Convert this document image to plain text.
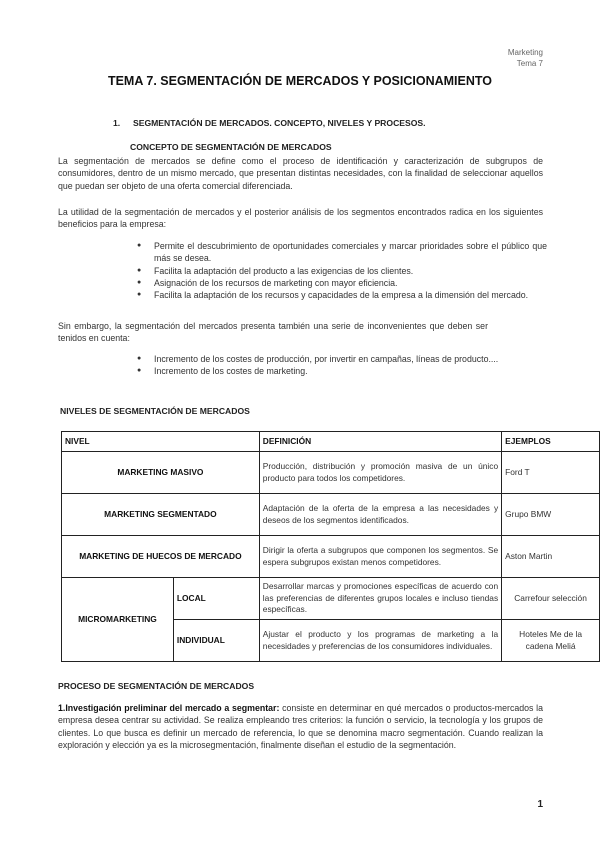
Marketing
Tema 7
TEMA 7. SEGMENTACIÓN DE MERCADOS Y POSICIONAMIENTO
1. SEGMENTACIÓN DE MERCADOS. CONCEPTO, NIVELES Y PROCESOS.
CONCEPTO DE SEGMENTACIÓN DE MERCADOS
La segmentación de mercados se define como el proceso de identificación y caracterización de subgrupos de consumidores, dentro de un mismo mercado, que presentan distintas necesidades, con la finalidad de seleccionar aquellos que puedan ser objeto de una oferta comercial diferenciada.
La utilidad de la segmentación de mercados y el posterior análisis de los segmentos encontrados radica en los siguientes beneficios para la empresa:
● Permite el descubrimiento de oportunidades comerciales y marcar prioridades sobre el público que más se desea.
● Facilita la adaptación del producto a las exigencias de los clientes.
● Asignación de los recursos de marketing con mayor eficiencia.
● Facilita la adaptación de los recursos y capacidades de la empresa a la dimensión del mercado.
Sin embargo, la segmentación del mercados presenta también una serie de inconvenientes que deben ser tenidos en cuenta:
● Incremento de los costes de producción, por invertir en campañas, líneas de producto....
● Incremento de los costes de marketing.
NIVELES DE SEGMENTACIÓN DE MERCADOS
NIVEL		DEFINICIÓN	EJEMPLOS
MARKETING MASIVO		Producción, distribución y promoción masiva de un único producto para todos los competidores.	Ford T
MARKETING SEGMENTADO		Adaptación de la oferta de la empresa a las necesidades y deseos de los segmentos identificados.	Grupo BMW
MARKETING DE HUECOS DE MERCADO		Dirigir la oferta a subgrupos que componen los segmentos. Se espera subgrupos existan menos competidores.	Aston Martin
MICROMARKETING	LOCAL	Desarrollar marcas y promociones específicas de acuerdo con las preferencias de diferentes grupos locales e incluso tiendas específicas.	Carrefour selección
	INDIVIDUAL	Ajustar el producto y los programas de marketing a la necesidades y preferencias de los consumidores individuales.	Hoteles Me de la cadena Meliá
PROCESO DE SEGMENTACIÓN DE MERCADOS
1.Investigación preliminar del mercado a segmentar: consiste en determinar en qué mercados o productos-mercados la empresa desea centrar su actividad. Se realiza empleando tres criterios: la función o servicio, la tecnología y los grupos de clientes. Lo que busca es definir un mercado de referencia, lo que se denomina macro segmentación. Cuando realizan la exploración y elección ya es la microsegmentación, finalmente diseñan el estudio de la segmentación.
1
